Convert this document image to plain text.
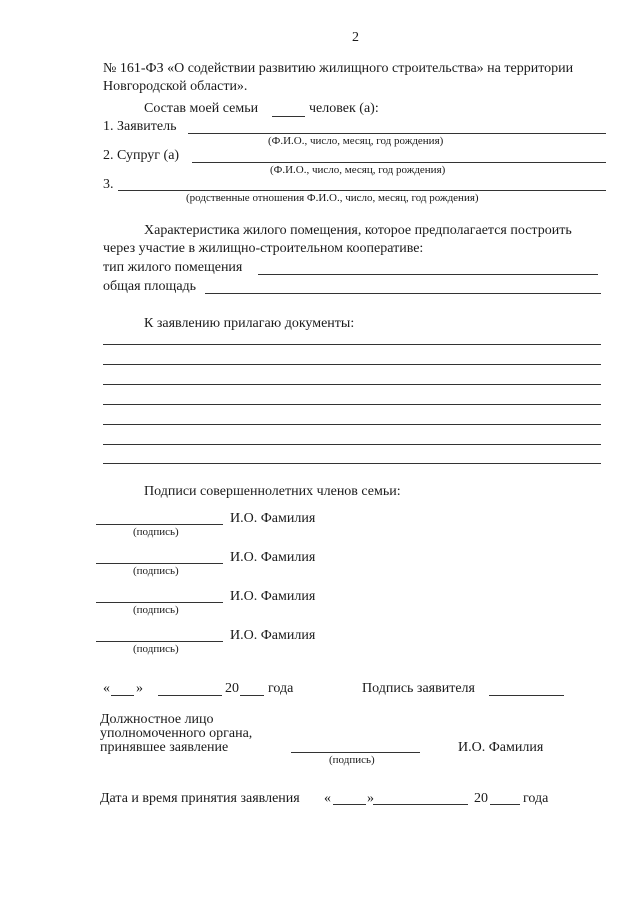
2
№ 161-ФЗ «О содействии развитию жилищного строительства» на территории
Новгородской области».
Состав моей семьи	человек (а):
1. Заявитель
(Ф.И.О., число, месяц, год рождения)
2. Супруг (а)
(Ф.И.О., число, месяц, год рождения)
3.
(родственные отношения Ф.И.О., число, месяц, год рождения)
Характеристика жилого помещения, которое предполагается построить
через участие в жилищно-строительном кооперативе:
тип жилого помещения
общая площадь
К заявлению прилагаю документы:
Подписи совершеннолетних членов семьи:
И.О. Фамилия
(подпись)
И.О. Фамилия
(подпись)
И.О. Фамилия
(подпись)
И.О. Фамилия
(подпись)
« »	20 года	Подпись заявителя
Должностное лицо
уполномоченного органа,
принявшее заявление
(подпись)
И.О. Фамилия
Дата и время принятия заявления «	»	20	года
